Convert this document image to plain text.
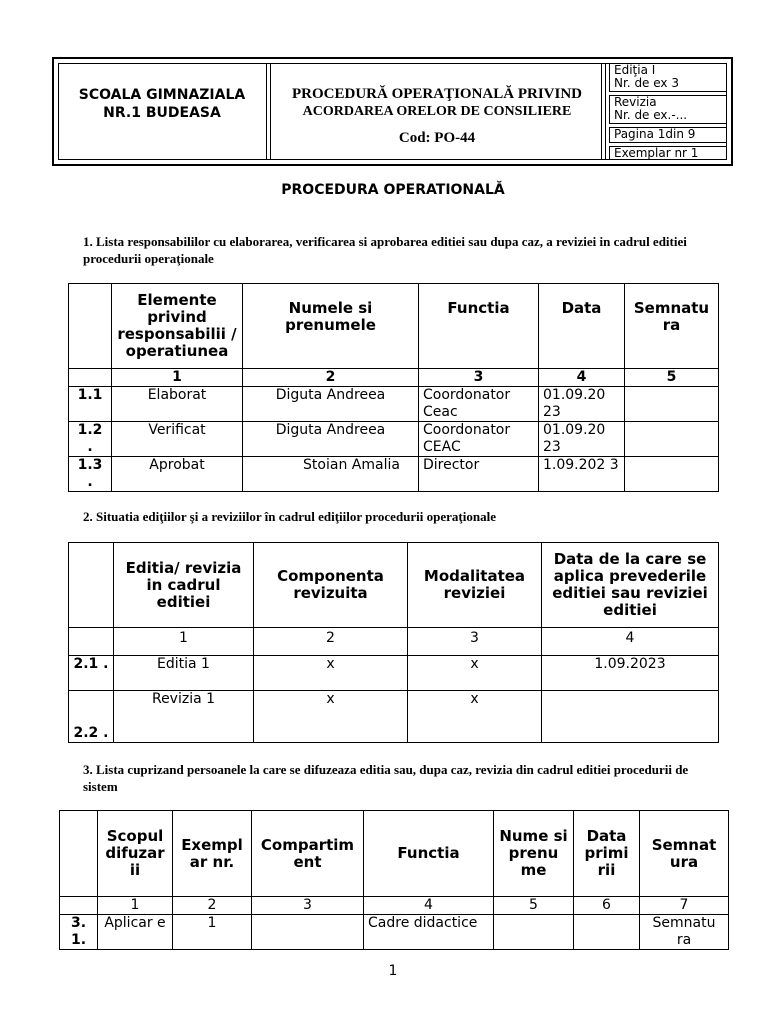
SCOALA GIMNAZIALA
NR.1 BUDEASA
PROCEDURĂ OPERAŢIONALĂ PRIVIND
ACORDAREA ORELOR DE CONSILIERE
Cod: PO-44
Ediţia I
Nr. de ex 3
Revizia
Nr. de ex.-...
Pagina 1din 9
Exemplar nr 1
PROCEDURA OPERATIONALĂ
1. Lista responsabililor cu elaborarea, verificarea si aprobarea editiei sau dupa caz, a reviziei in cadrul editiei procedurii operaţionale
	Elemente privind responsabilii / operatiunea	Numele si prenumele	Functia	Data	Semnatu ra
	1	2	3	4	5
1.1	Elaborat	Diguta Andreea	Coordonator Ceac	01.09.20 23	
1.2 .	Verificat	Diguta Andreea	Coordonator CEAC	01.09.20 23	
1.3 .	Aprobat	Stoian Amalia	Director	1.09.202 3	
2. Situatia ediţiilor şi a reviziilor în cadrul ediţiilor procedurii operaţionale
	Editia/ revizia in cadrul editiei	Componenta revizuita	Modalitatea reviziei	Data de la care se aplica prevederile editiei sau reviziei editiei
	1	2	3	4
2.1 .	Editia 1	x	x	1.09.2023
2.2 .	Revizia 1	x	x	
3. Lista cuprizand persoanele la care se difuzeaza editia sau, dupa caz, revizia din cadrul editiei procedurii de sistem
	Scopul difuzar ii	Exempl ar nr.	Compartim ent	Functia	Nume si prenu me	Data primi rii	Semnat ura
	1	2	3	4	5	6	7
3. 1.	Aplicar e	1		Cadre didactice			Semnatu ra
1
